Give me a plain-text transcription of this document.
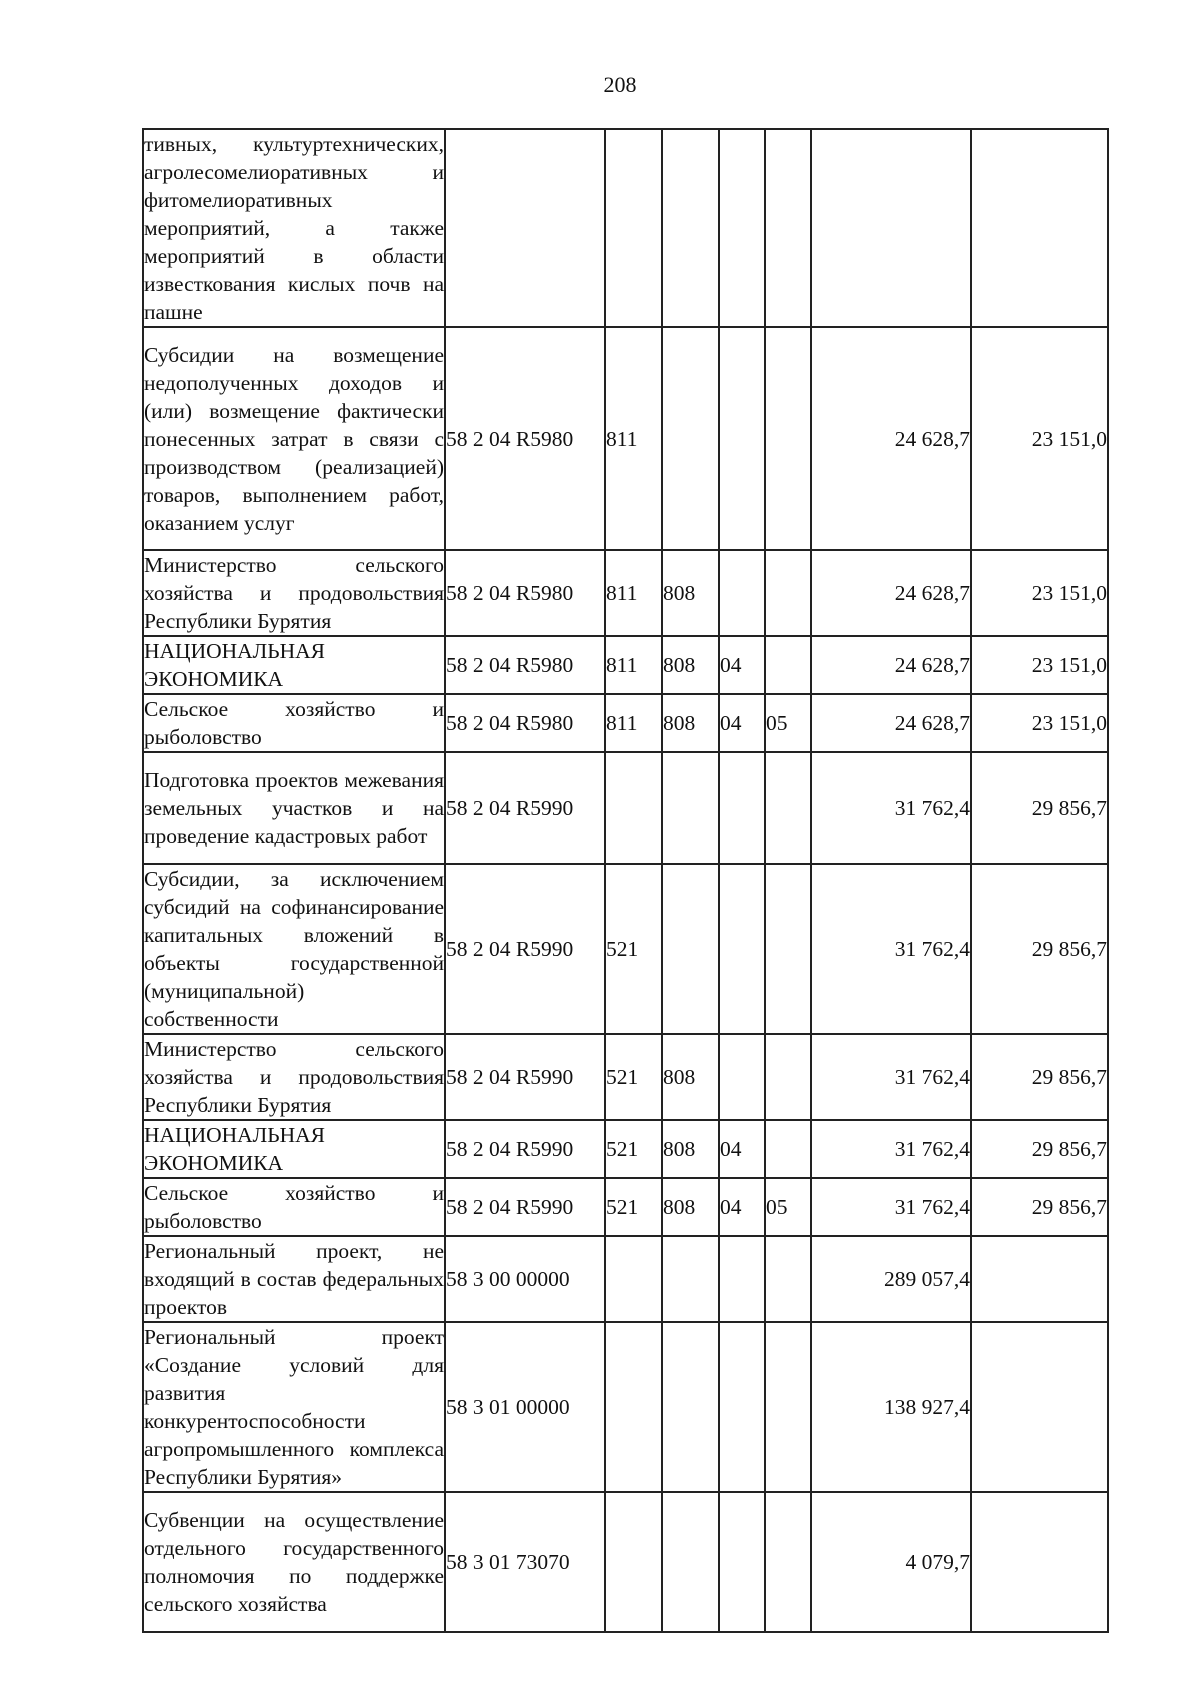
208
тивных, культуртехнических, агролесомелиоративных и фитомелиоративных мероприятий, а также мероприятий в области известкования кислых почв на пашне							
Субсидии на возмещение недополученных доходов и (или) возмещение фактически понесенных затрат в связи с производством (реализацией) товаров, выполнением работ, оказанием услуг	58 2 04 R5980	811				24 628,7	23 151,0
Министерство сельского хозяйства и продовольствия Республики Бурятия	58 2 04 R5980	811	808			24 628,7	23 151,0
НАЦИОНАЛЬНАЯ ЭКОНОМИКА	58 2 04 R5980	811	808	04		24 628,7	23 151,0
Сельское хозяйство и рыболовство	58 2 04 R5980	811	808	04	05	24 628,7	23 151,0
Подготовка проектов межевания земельных участков и на проведение кадастровых работ	58 2 04 R5990					31 762,4	29 856,7
Субсидии, за исключением субсидий на софинансирование капитальных вложений в объекты государственной (муниципальной) собственности	58 2 04 R5990	521				31 762,4	29 856,7
Министерство сельского хозяйства и продовольствия Республики Бурятия	58 2 04 R5990	521	808			31 762,4	29 856,7
НАЦИОНАЛЬНАЯ ЭКОНОМИКА	58 2 04 R5990	521	808	04		31 762,4	29 856,7
Сельское хозяйство и рыболовство	58 2 04 R5990	521	808	04	05	31 762,4	29 856,7
Региональный проект, не входящий в состав федеральных проектов	58 3 00 00000					289 057,4	
Региональный проект «Создание условий для развития конкурентоспособности агропромышленного комплекса Республики Бурятия»	58 3 01 00000					138 927,4	
Субвенции на осуществление отдельного государственного полномочия по поддержке сельского хозяйства	58 3 01 73070					4 079,7	
